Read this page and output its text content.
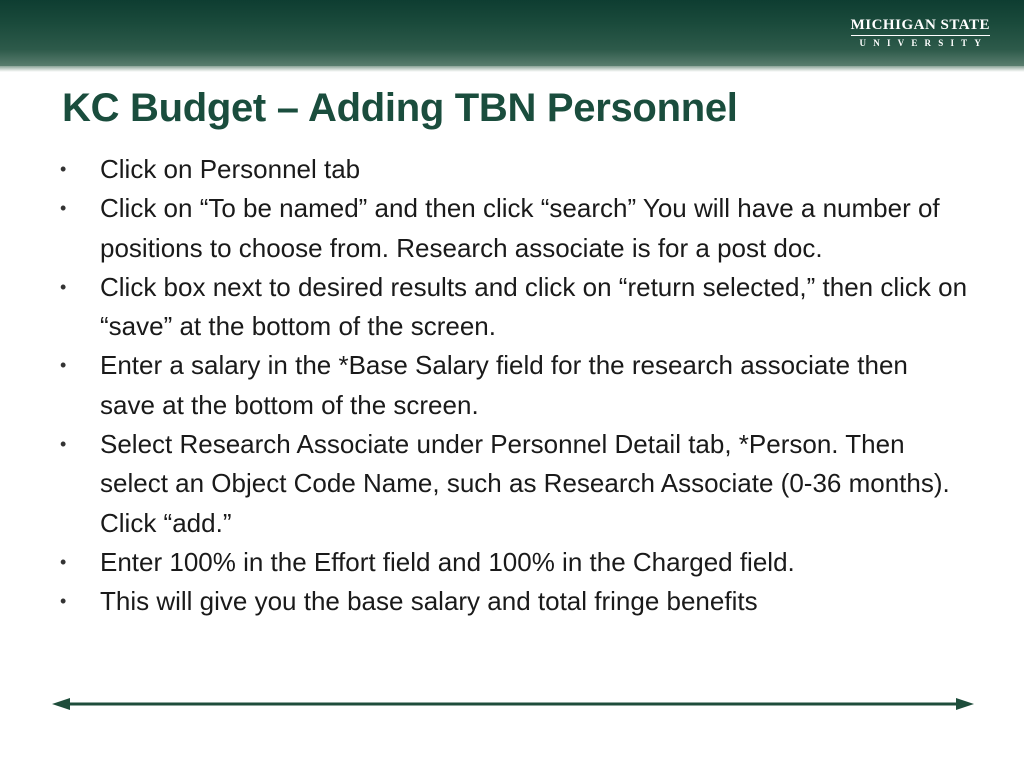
MICHIGAN STATE
UNIVERSITY
KC Budget – Adding TBN Personnel
• Click on Personnel tab
• Click on “To be named” and then click “search” You will have a number of positions to choose from. Research associate is for a post doc.
• Click box next to desired results and click on “return selected,” then click on “save” at the bottom of the screen.
• Enter a salary in the *Base Salary field for the research associate then save at the bottom of the screen.
• Select Research Associate under Personnel Detail tab, *Person. Then select an Object Code Name, such as Research Associate (0-36 months). Click “add.”
• Enter 100% in the Effort field and 100% in the Charged field.
• This will give you the base salary and total fringe benefits
